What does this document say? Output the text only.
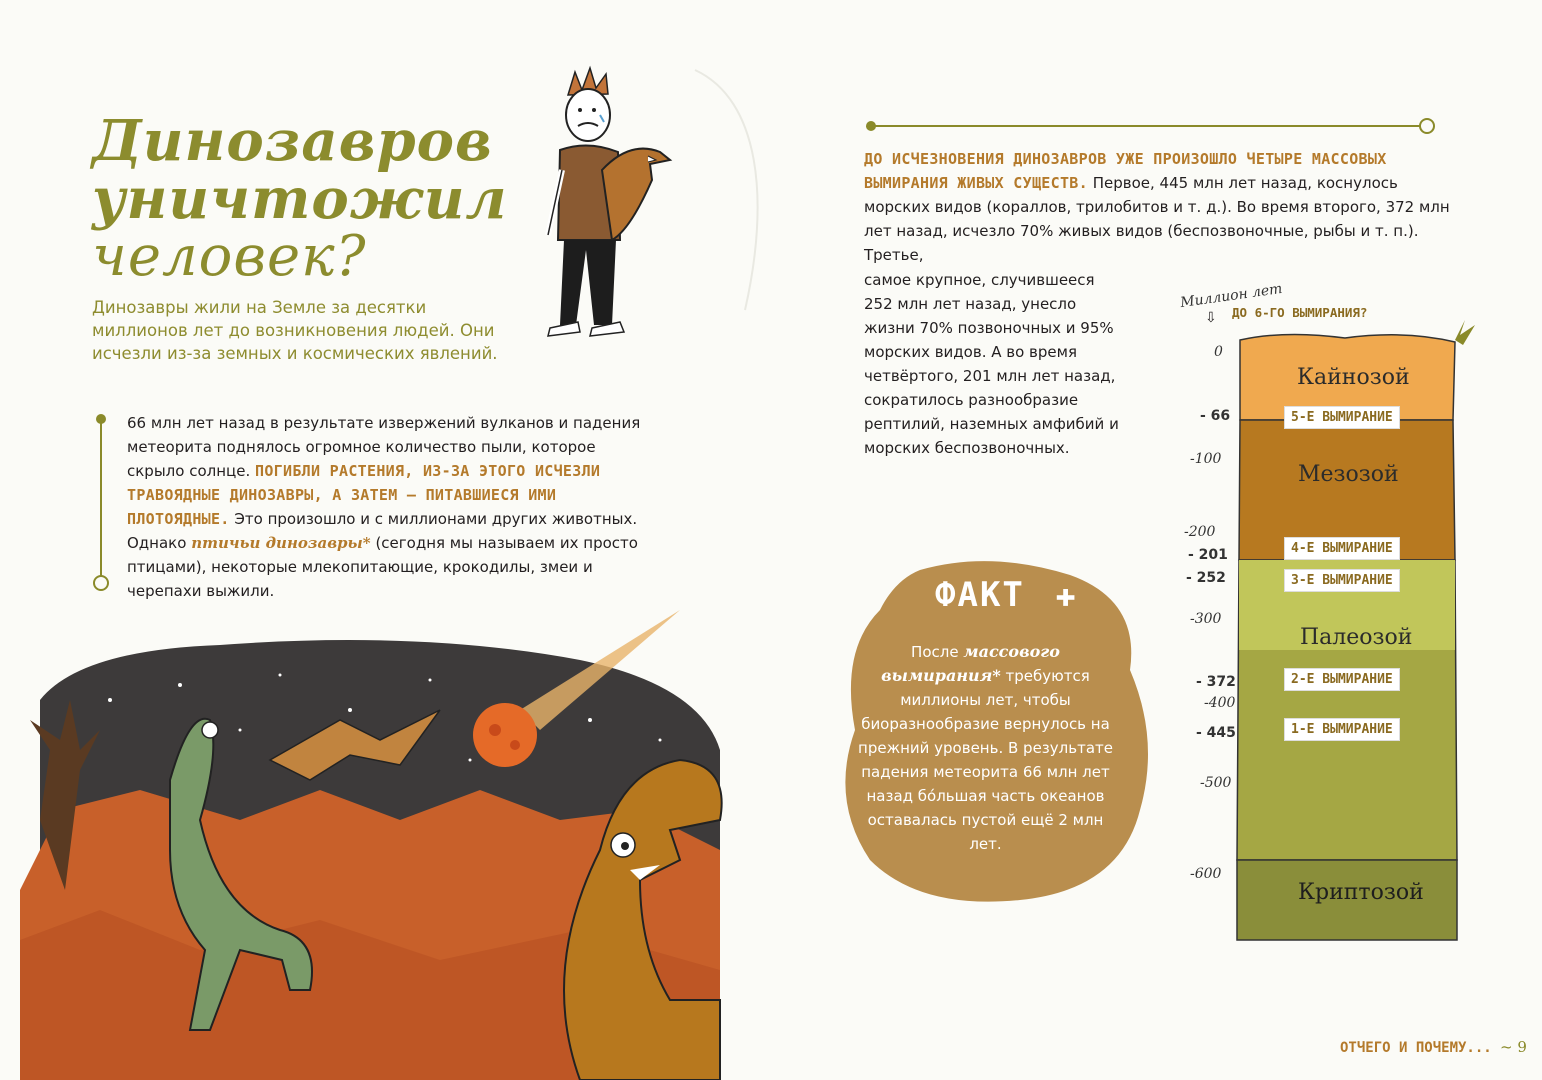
Динозавров
уничтожил
человек?
Динозавры жили на Земле за десятки миллионов лет до возникновения людей. Они исчезли из-за земных и космических явлений.
66 млн лет назад в результате извержений вулканов и падения метеорита поднялось огромное количество пыли, которое скрыло солнце. ПОГИБЛИ РАСТЕНИЯ, ИЗ-ЗА ЭТОГО ИСЧЕЗЛИ ТРАВОЯДНЫЕ ДИНОЗАВРЫ, А ЗАТЕМ — ПИТАВШИЕСЯ ИМИ ПЛОТОЯДНЫЕ. Это произошло и с миллионами других животных. Однако птичьи динозавры* (сегодня мы называем их просто птицами), некоторые млекопитающие, крокодилы, змеи и черепахи выжили.
ДО ИСЧЕЗНОВЕНИЯ ДИНОЗАВРОВ УЖЕ ПРОИЗОШЛО ЧЕТЫРЕ МАССОВЫХ ВЫМИРАНИЯ ЖИВЫХ СУЩЕСТВ. Первое, 445 млн лет назад, коснулось морских видов (кораллов, трилобитов и т. д.). Во время второго, 372 млн лет назад, исчезло 70% живых видов (беспозвоночные, рыбы и т. п.). Третье,
самое крупное, случившееся 252 млн лет назад, унесло жизни 70% позвоночных и 95% морских видов. А во время четвёртого, 201 млн лет назад, сократилось разнообразие рептилий, наземных амфибий и морских беспозвоночных.
ФАКТ ✚
После массового вымирания* требуются миллионы лет, чтобы биоразнообразие вернулось на прежний уровень. В результате падения метеорита 66 млн лет назад бо́льшая часть океанов оставалась пустой ещё 2 млн лет.
Миллион лет
⇩ ДО 6-ГО ВЫМИРАНИЯ?
0
- 66
-100
-200
- 201
- 252
-300
- 372
-400
- 445
-500
-600
Кайнозой
Мезозой
Палеозой
Криптозой
5-Е ВЫМИРАНИЕ
4-Е ВЫМИРАНИЕ
3-Е ВЫМИРАНИЕ
2-Е ВЫМИРАНИЕ
1-Е ВЫМИРАНИЕ
ОТЧЕГО И ПОЧЕМУ... ~ 9
